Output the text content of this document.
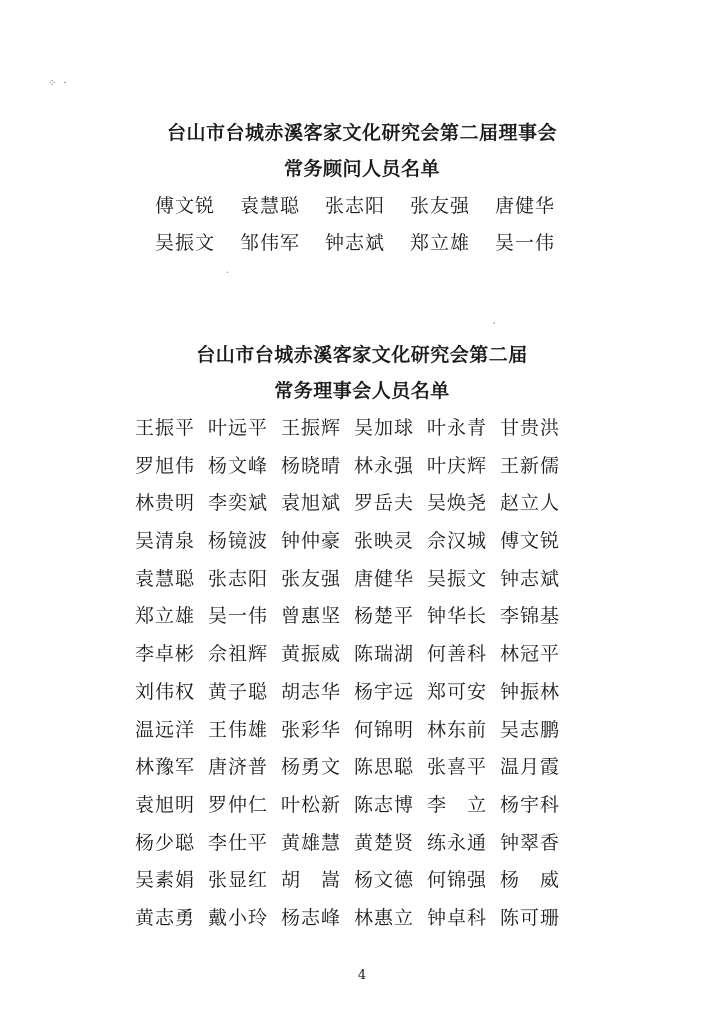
⁘ ·
ˎ
ˌ
台山市台城赤溪客家文化研究会第二届理事会
常务顾问人员名单
傅文锐	袁慧聪	张志阳	张友强	唐健华
吴振文	邹伟军	钟志斌	郑立雄	吴一伟
台山市台城赤溪客家文化研究会第二届
常务理事会人员名单
王振平 叶远平 王振辉 吴加球 叶永青 甘贵洪
罗旭伟 杨文峰 杨晓晴 林永强 叶庆辉 王新儒
林贵明 李奕斌 袁旭斌 罗岳夫 吴焕尧 赵立人
吴清泉 杨镜波 钟仲豪 张映灵 佘汉城 傅文锐
袁慧聪 张志阳 张友强 唐健华 吴振文 钟志斌
郑立雄 吴一伟 曾惠坚 杨楚平 钟华长 李锦基
李卓彬 佘祖辉 黄振威 陈瑞湖 何善科 林冠平
刘伟权 黄子聪 胡志华 杨宇远 郑可安 钟振林
温远洋 王伟雄 张彩华 何锦明 林东前 吴志鹏
林豫军 唐济普 杨勇文 陈思聪 张喜平 温月霞
袁旭明 罗仲仁 叶松新 陈志博 李　立 杨宇科
杨少聪 李仕平 黄雄慧 黄楚贤 练永通 钟翠香
吴素娟 张显红 胡　嵩 杨文德 何锦强 杨　威
黄志勇 戴小玲 杨志峰 林惠立 钟卓科 陈可珊
4
